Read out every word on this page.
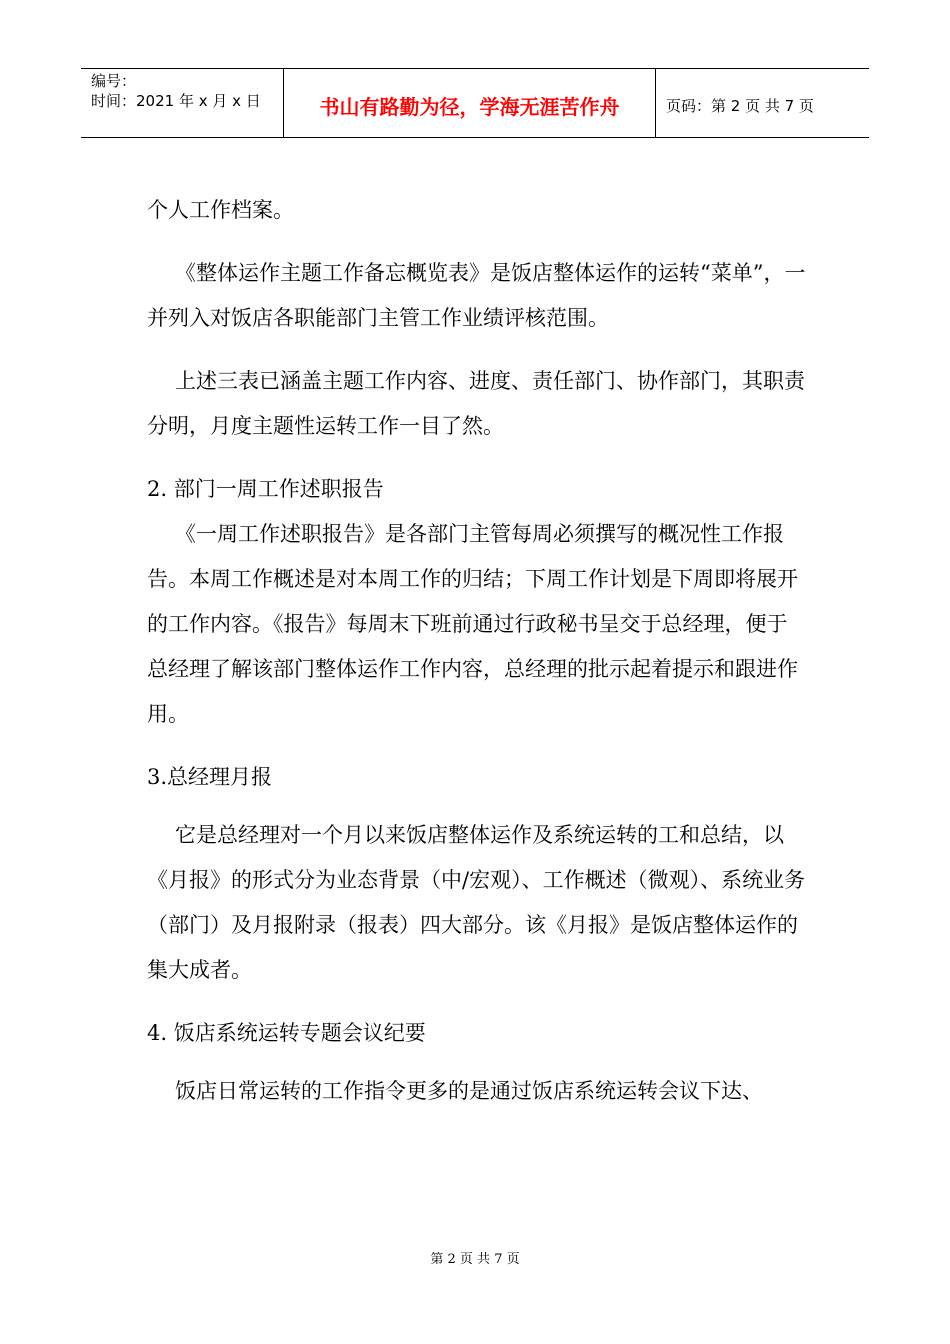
编号：
时间：2021 年 x 月 x 日	书山有路勤为径，学海无涯苦作舟	页码：第 2 页 共 7 页

个人工作档案。

《整体运作主题工作备忘概览表》是饭店整体运作的运转“菜单”，一并列入对饭店各职能部门主管工作业绩评核范围。

上述三表已涵盖主题工作内容、进度、责任部门、协作部门，其职责分明，月度主题性运转工作一目了然。

2. 部门一周工作述职报告

《一周工作述职报告》是各部门主管每周必须撰写的概况性工作报告。本周工作概述是对本周工作的归结；下周工作计划是下周即将展开的工作内容。《报告》每周末下班前通过行政秘书呈交于总经理，便于总经理了解该部门整体运作工作内容，总经理的批示起着提示和跟进作用。

3.总经理月报

它是总经理对一个月以来饭店整体运作及系统运转的工和总结，以《月报》的形式分为业态背景（中/宏观）、工作概述（微观）、系统业务（部门）及月报附录（报表）四大部分。该《月报》是饭店整体运作的集大成者。

4. 饭店系统运转专题会议纪要

饭店日常运转的工作指令更多的是通过饭店系统运转会议下达、

第 2 页 共 7 页
